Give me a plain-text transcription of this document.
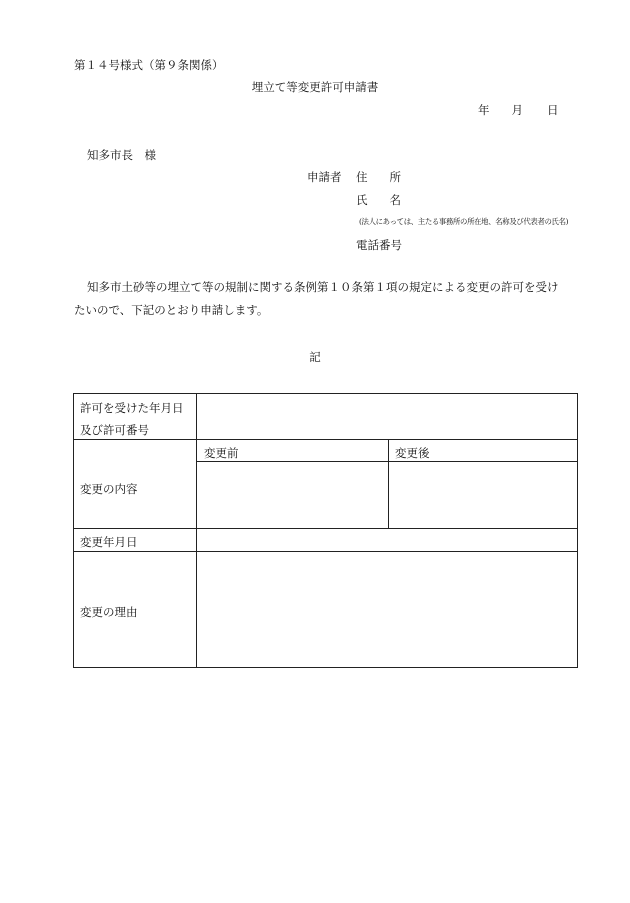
第１４号様式（第９条関係）
埋立て等変更許可申請書
年 月 日
知多市長　様
申請者 住所
氏名
(法人にあっては、主たる事務所の所在地、名称及び代表者の氏名)
電話番号
知多市土砂等の埋立て等の規制に関する条例第１０条第１項の規定による変更の許可を受けたいので、下記のとおり申請します。
記
許可を受けた年月日
及び許可番号
変更の内容
変更前	変更後
変更年月日
変更の理由
